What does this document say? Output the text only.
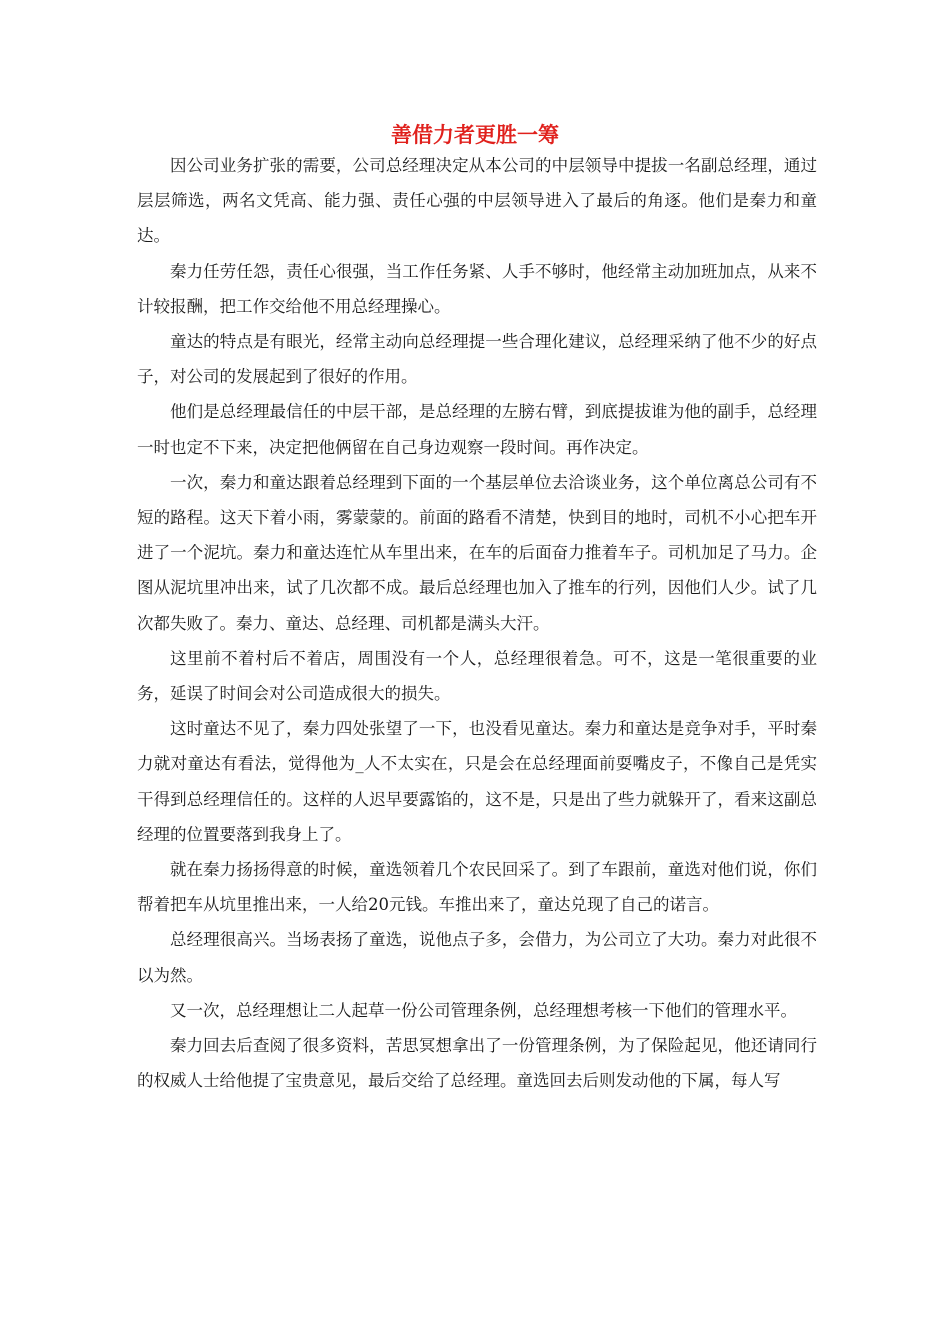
善借力者更胜一筹

因公司业务扩张的需要，公司总经理决定从本公司的中层领导中提拔一名副总经理，通过层层筛选，两名文凭高、能力强、责任心强的中层领导进入了最后的角逐。他们是秦力和童达。

秦力任劳任怨，责任心很强，当工作任务紧、人手不够时，他经常主动加班加点，从来不计较报酬，把工作交给他不用总经理操心。

童达的特点是有眼光，经常主动向总经理提一些合理化建议，总经理采纳了他不少的好点子，对公司的发展起到了很好的作用。

他们是总经理最信任的中层干部，是总经理的左膀右臂，到底提拔谁为他的副手，总经理一时也定不下来，决定把他俩留在自己身边观察一段时间。再作决定。

一次，秦力和童达跟着总经理到下面的一个基层单位去洽谈业务，这个单位离总公司有不短的路程。这天下着小雨，雾蒙蒙的。前面的路看不清楚，快到目的地时，司机不小心把车开进了一个泥坑。秦力和童达连忙从车里出来，在车的后面奋力推着车子。司机加足了马力。企图从泥坑里冲出来，试了几次都不成。最后总经理也加入了推车的行列，因他们人少。试了几次都失败了。秦力、童达、总经理、司机都是满头大汗。

这里前不着村后不着店，周围没有一个人，总经理很着急。可不，这是一笔很重要的业务，延误了时间会对公司造成很大的损失。

这时童达不见了，秦力四处张望了一下，也没看见童达。秦力和童达是竞争对手，平时秦力就对童达有看法，觉得他为_人不太实在，只是会在总经理面前耍嘴皮子，不像自己是凭实干得到总经理信任的。这样的人迟早要露馅的，这不是，只是出了些力就躲开了，看来这副总经理的位置要落到我身上了。

就在秦力扬扬得意的时候，童选领着几个农民回采了。到了车跟前，童选对他们说，你们帮着把车从坑里推出来，一人给20元钱。车推出来了，童达兑现了自己的诺言。

总经理很高兴。当场表扬了童选，说他点子多，会借力，为公司立了大功。秦力对此很不以为然。

又一次，总经理想让二人起草一份公司管理条例，总经理想考核一下他们的管理水平。

秦力回去后查阅了很多资料，苦思冥想拿出了一份管理条例，为了保险起见，他还请同行的权威人士给他提了宝贵意见，最后交给了总经理。童选回去后则发动他的下属，每人写
